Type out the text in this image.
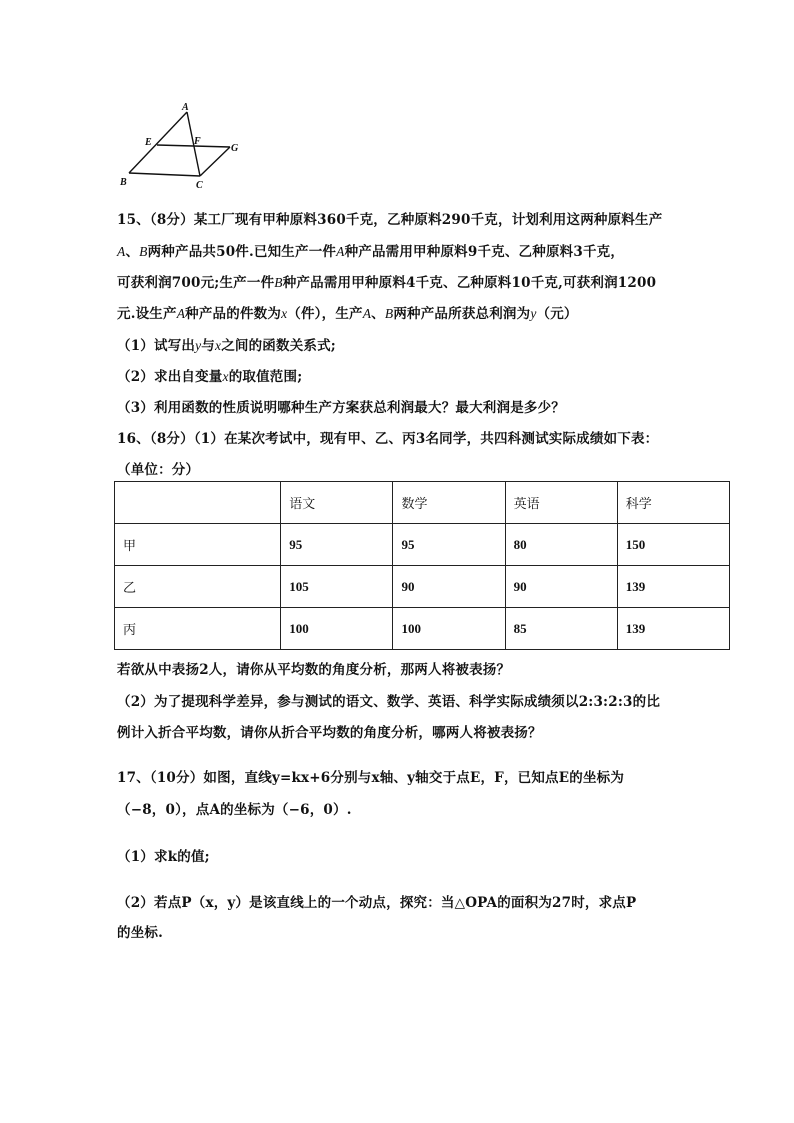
A
E	F
G
B	C
15、（8分）某工厂现有甲种原料360千克，乙种原料290千克，计划利用这两种原料生产
A、B两种产品共50件.已知生产一件A种产品需用甲种原料9千克、乙种原料3千克，
可获利润700元;生产一件B种产品需用甲种原料4千克、乙种原料10千克,可获利润1200
元.设生产A种产品的件数为x（件），生产A、B两种产品所获总利润为y（元）
（1）试写出y与x之间的函数关系式;
（2）求出自变量x的取值范围;
（3）利用函数的性质说明哪种生产方案获总利润最大？最大利润是多少？
16、（8分）（1）在某次考试中，现有甲、乙、丙3名同学，共四科测试实际成绩如下表：
（单位：分）
	语文	数学	英语	科学
甲	95	95	80	150
乙	105	90	90	139
丙	100	100	85	139
若欲从中表扬2人，请你从平均数的角度分析，那两人将被表扬？
（2）为了提现科学差异，参与测试的语文、数学、英语、科学实际成绩须以2:3:2:3的比
例计入折合平均数，请你从折合平均数的角度分析，哪两人将被表扬？
17、（10分）如图，直线y=kx+6分别与x轴、y轴交于点E，F，已知点E的坐标为
（−8，0），点A的坐标为（−6，0）.
（1）求k的值;
（2）若点P（x，y）是该直线上的一个动点，探究：当△OPA的面积为27时，求点P
的坐标.
